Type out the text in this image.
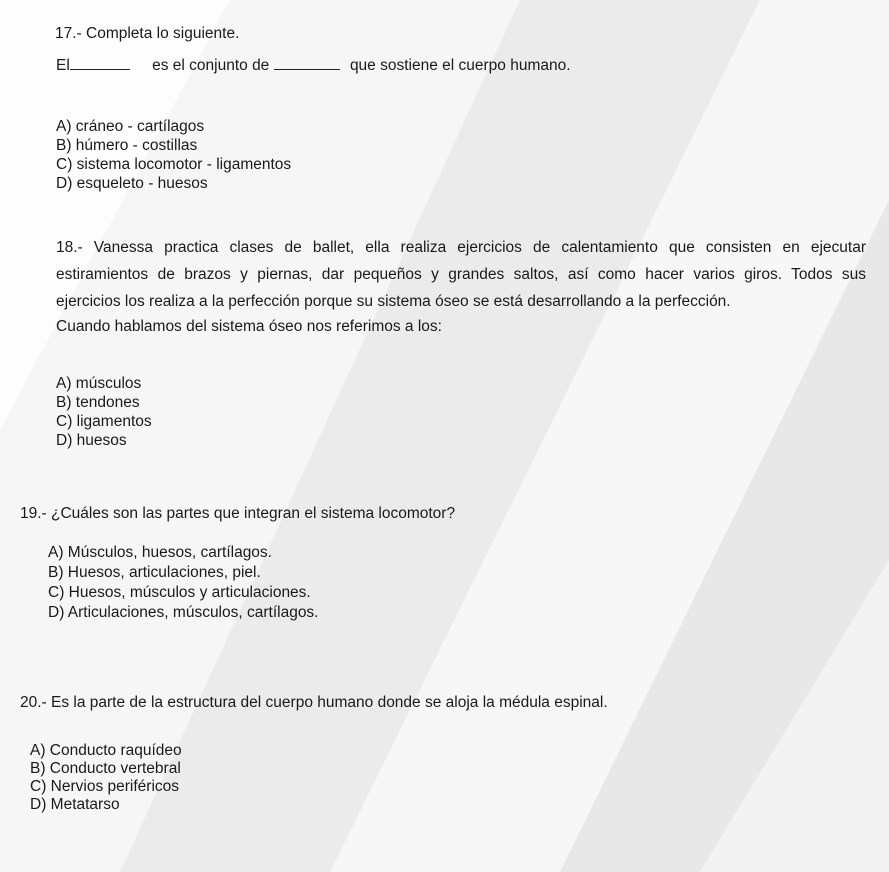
17.- Completa lo siguiente.
El	es el conjunto de	que sostiene el cuerpo humano.
A) cráneo - cartílagos
B) húmero - costillas
C) sistema locomotor - ligamentos
D) esqueleto - huesos
18.- Vanessa practica clases de ballet, ella realiza ejercicios de calentamiento que consisten en ejecutar
estiramientos de brazos y piernas, dar pequeños y grandes saltos, así como hacer varios giros. Todos sus
ejercicios los realiza a la perfección porque su sistema óseo se está desarrollando a la perfección.
Cuando hablamos del sistema óseo nos referimos a los:
A) músculos
B) tendones
C) ligamentos
D) huesos
19.- ¿Cuáles son las partes que integran el sistema locomotor?
A) Músculos, huesos, cartílagos.
B) Huesos, articulaciones, piel.
C) Huesos, músculos y articulaciones.
D) Articulaciones, músculos, cartílagos.
20.- Es la parte de la estructura del cuerpo humano donde se aloja la médula espinal.
A) Conducto raquídeo
B) Conducto vertebral
C) Nervios periféricos
D) Metatarso
